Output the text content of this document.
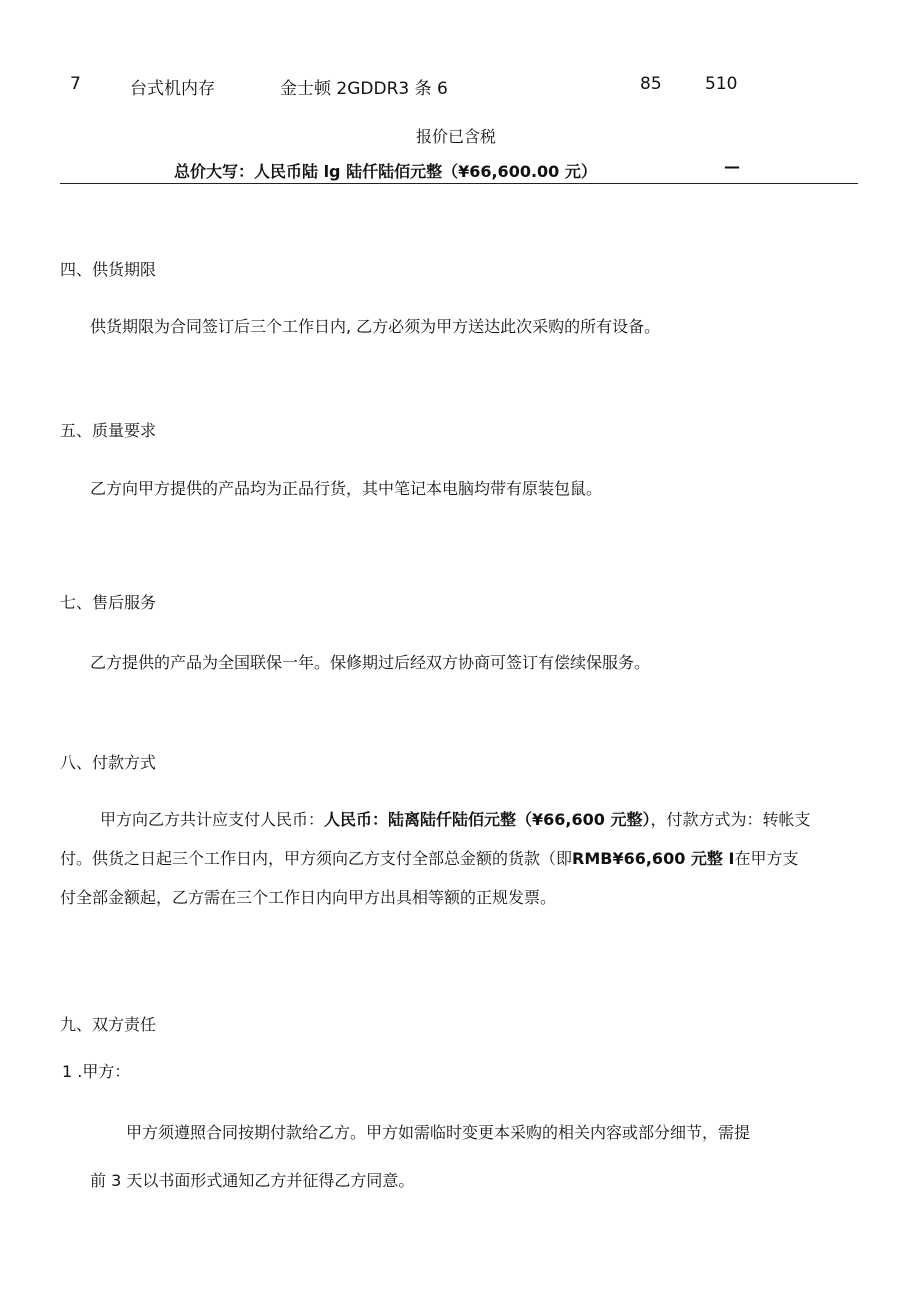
7	台式机内存	金士顿 2GDDR3 条 6	85	510
报价已含税
总价大写：人民币陆 lg 陆仟陆佰元整（¥66,600.00 元）	—
四、供货期限
供货期限为合同签订后三个工作日内, 乙方必须为甲方送达此次采购的所有设备。
五、质量要求
乙方向甲方提供的产品均为正品行货，其中笔记本电脑均带有原装包鼠。
七、售后服务
乙方提供的产品为全国联保一年。保修期过后经双方协商可签订有偿续保服务。
八、付款方式
甲方向乙方共计应支付人民币：人民币：陆离陆仟陆佰元整（¥66,600 元整），付款方式为：转帐支
付。供货之日起三个工作日内，甲方须向乙方支付全部总金额的货款（即RMB¥66,600 元整 I在甲方支
付全部金额起，乙方需在三个工作日内向甲方出具相等额的正规发票。
九、双方责任
1 .甲方：
甲方须遵照合同按期付款给乙方。甲方如需临时变更本采购的相关内容或部分细节，需提
前 3 天以书面形式通知乙方并征得乙方同意。
